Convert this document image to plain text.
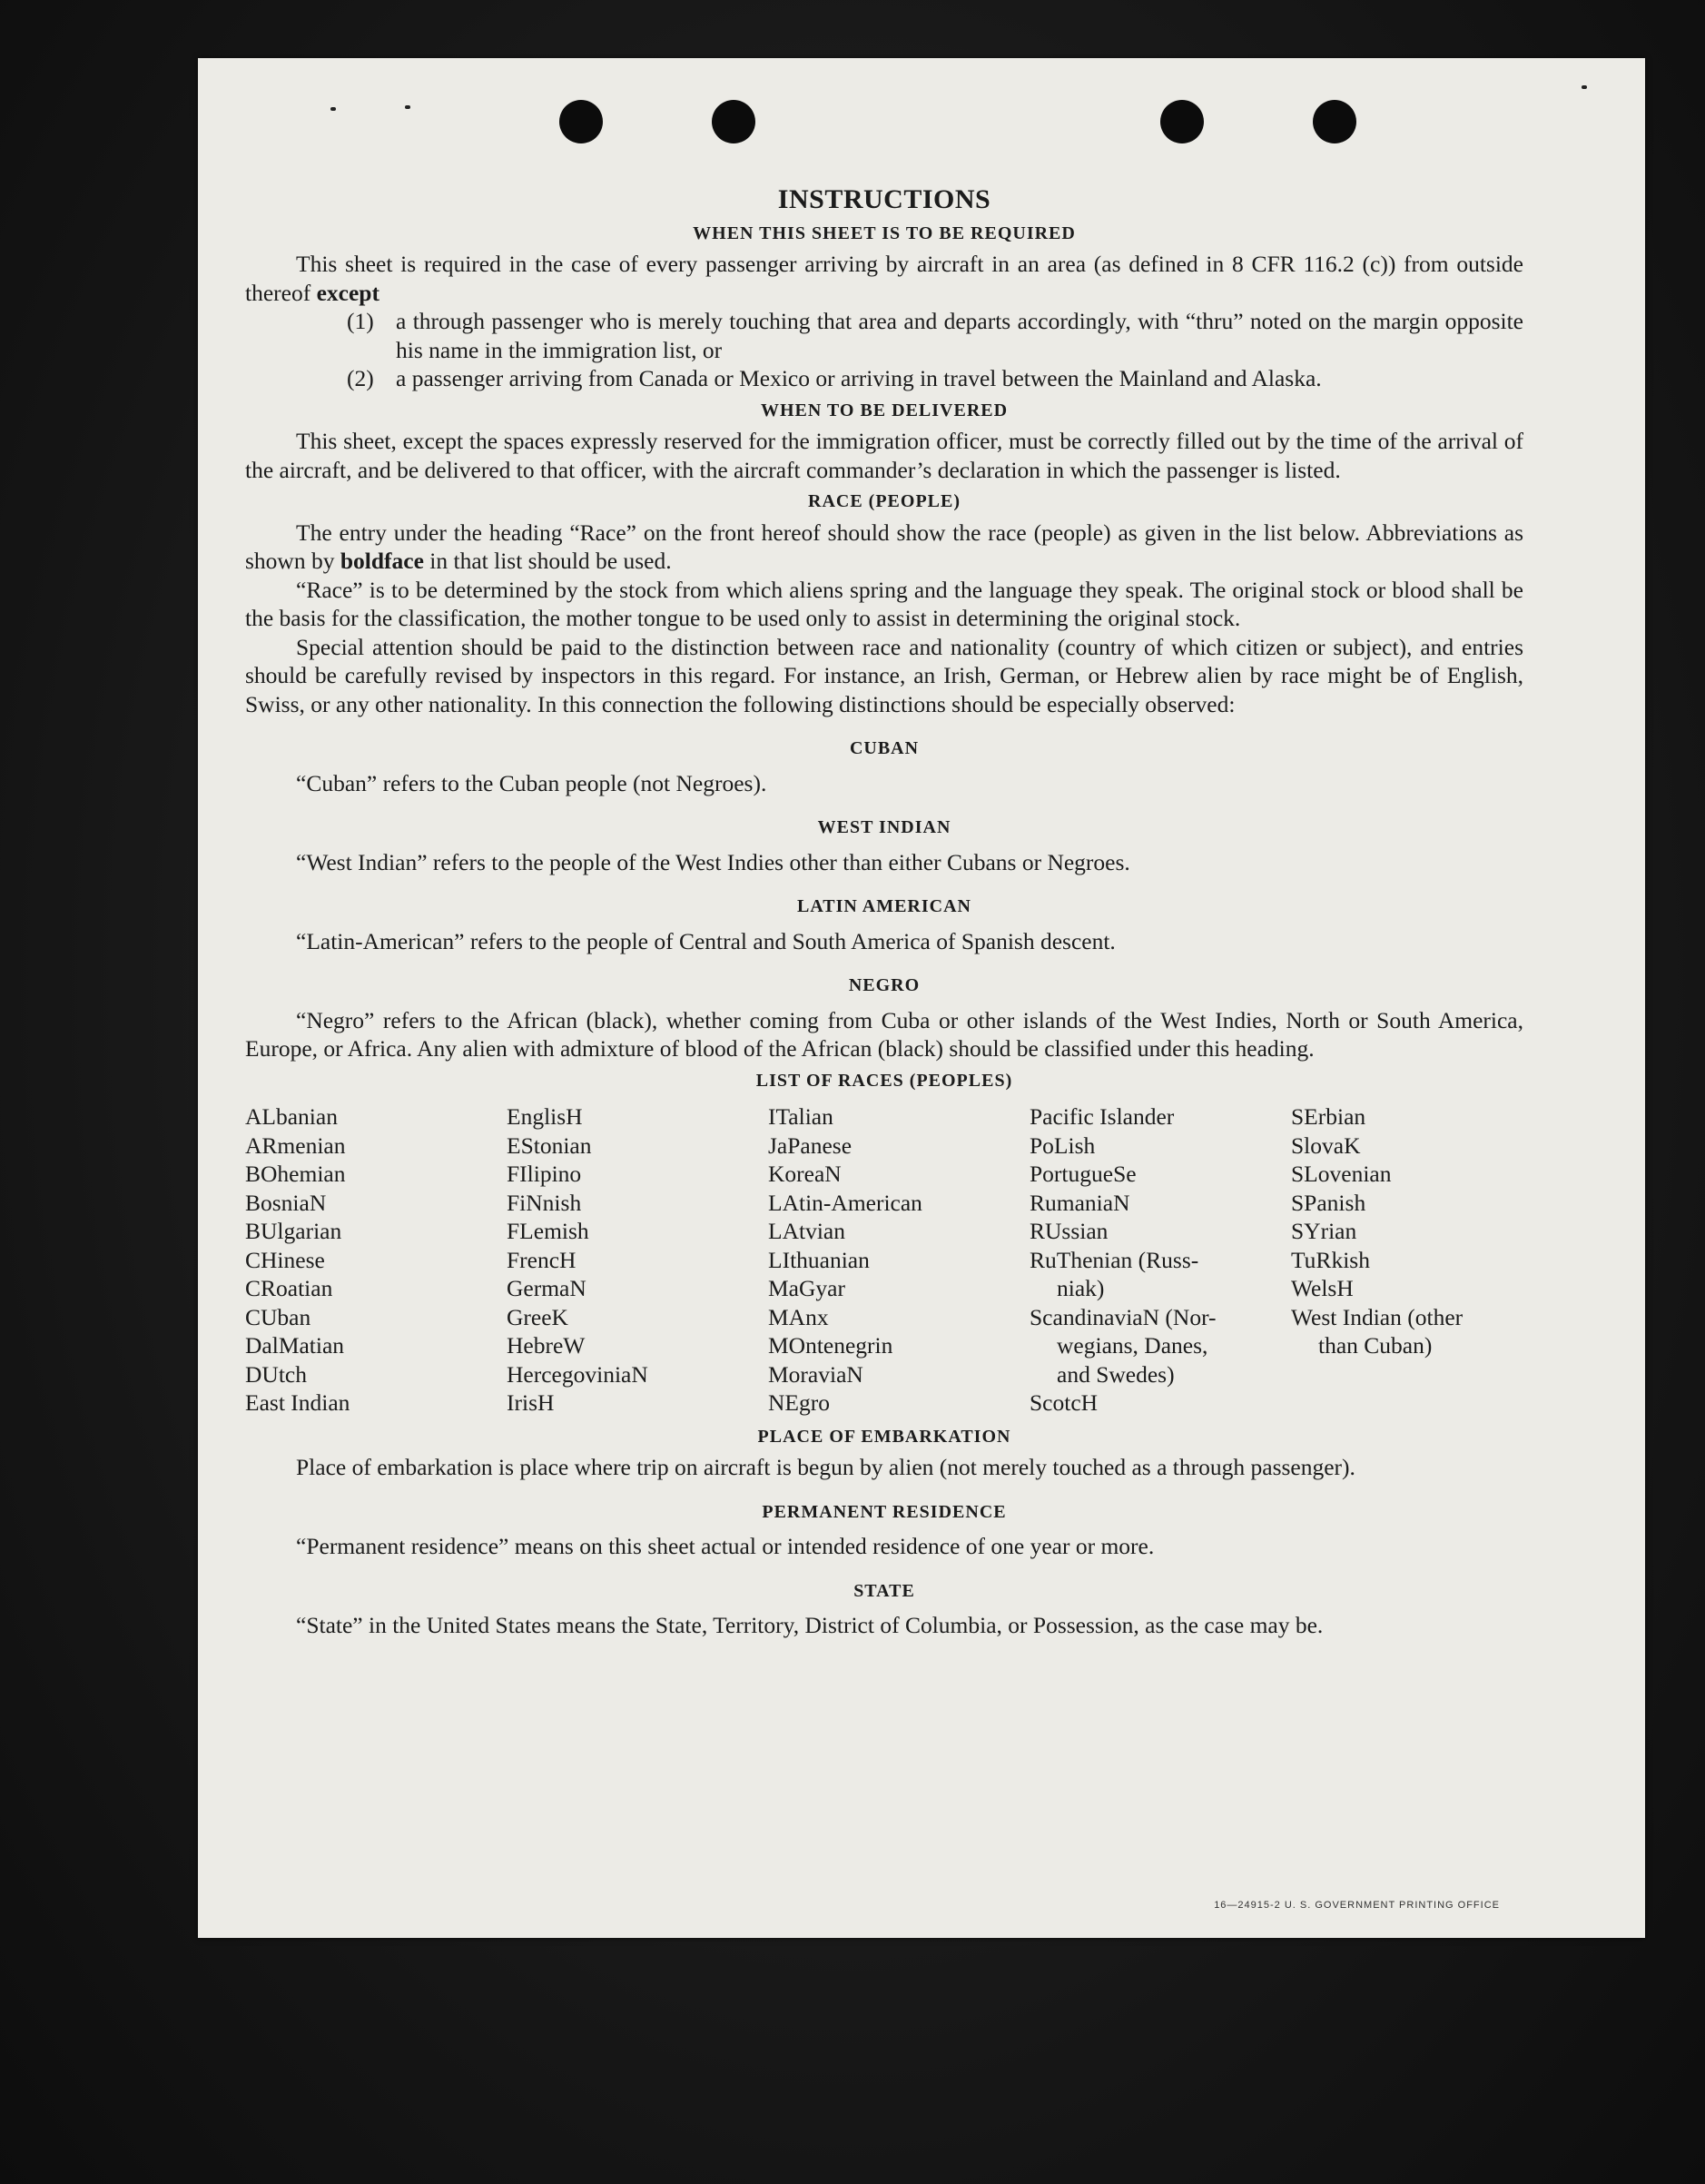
INSTRUCTIONS
WHEN THIS SHEET IS TO BE REQUIRED

This sheet is required in the case of every passenger arriving by aircraft in an area (as defined in 8 CFR 116.2 (c)) from outside thereof except

(1) a through passenger who is merely touching that area and departs accordingly, with “thru” noted on the margin opposite his name in the immigration list, or
(2) a passenger arriving from Canada or Mexico or arriving in travel between the Mainland and Alaska.
WHEN TO BE DELIVERED

This sheet, except the spaces expressly reserved for the immigration officer, must be correctly filled out by the time of the arrival of the aircraft, and be delivered to that officer, with the aircraft commander’s declaration in which the passenger is listed.

RACE (PEOPLE)

The entry under the heading “Race” on the front hereof should show the race (people) as given in the list below. Abbreviations as shown by boldface in that list should be used.

“Race” is to be determined by the stock from which aliens spring and the language they speak. The original stock or blood shall be the basis for the classification, the mother tongue to be used only to assist in determining the original stock.

Special attention should be paid to the distinction between race and nationality (country of which citizen or subject), and entries should be carefully revised by inspectors in this regard. For instance, an Irish, German, or Hebrew alien by race might be of English, Swiss, or any other nationality. In this connection the following distinctions should be especially observed:

CUBAN

“Cuban” refers to the Cuban people (not Negroes).

WEST INDIAN

“West Indian” refers to the people of the West Indies other than either Cubans or Negroes.

LATIN AMERICAN

“Latin-American” refers to the people of Central and South America of Spanish descent.

NEGRO

“Negro” refers to the African (black), whether coming from Cuba or other islands of the West Indies, North or South America, Europe, or Africa. Any alien with admixture of blood of the African (black) should be classified under this heading.

LIST OF RACES (PEOPLES)
ALbanian	EnglisH	ITalian	Pacific Islander	SErbian
ARmenian	EStonian	JaPanese	PoLish	SlovaK
BOhemian	FIlipino	KoreaN	PortugueSe	SLovenian
BosniaN	FiNnish	LAtin-American	RumaniaN	SPanish
BUlgarian	FLemish	LAtvian	RUssian	SYrian
CHinese	FrencH	LIthuanian	RuThenian (Russ-	TuRkish
CRoatian	GermaN	MaGyar	niak)	WelsH
CUban	GreeK	MAnx	ScandinaviaN (Nor-	West Indian (other
DalMatian	HebreW	MOntenegrin	wegians, Danes,	than Cuban)
DUtch	HercegoviniaN	MoraviaN	and Swedes)
East Indian	IrisH	NEgro	ScotcH
PLACE OF EMBARKATION

Place of embarkation is place where trip on aircraft is begun by alien (not merely touched as a through passenger).

PERMANENT RESIDENCE

“Permanent residence” means on this sheet actual or intended residence of one year or more.

STATE

“State” in the United States means the State, Territory, District of Columbia, or Possession, as the case may be.

16—24915-2 U. S. GOVERNMENT PRINTING OFFICE
